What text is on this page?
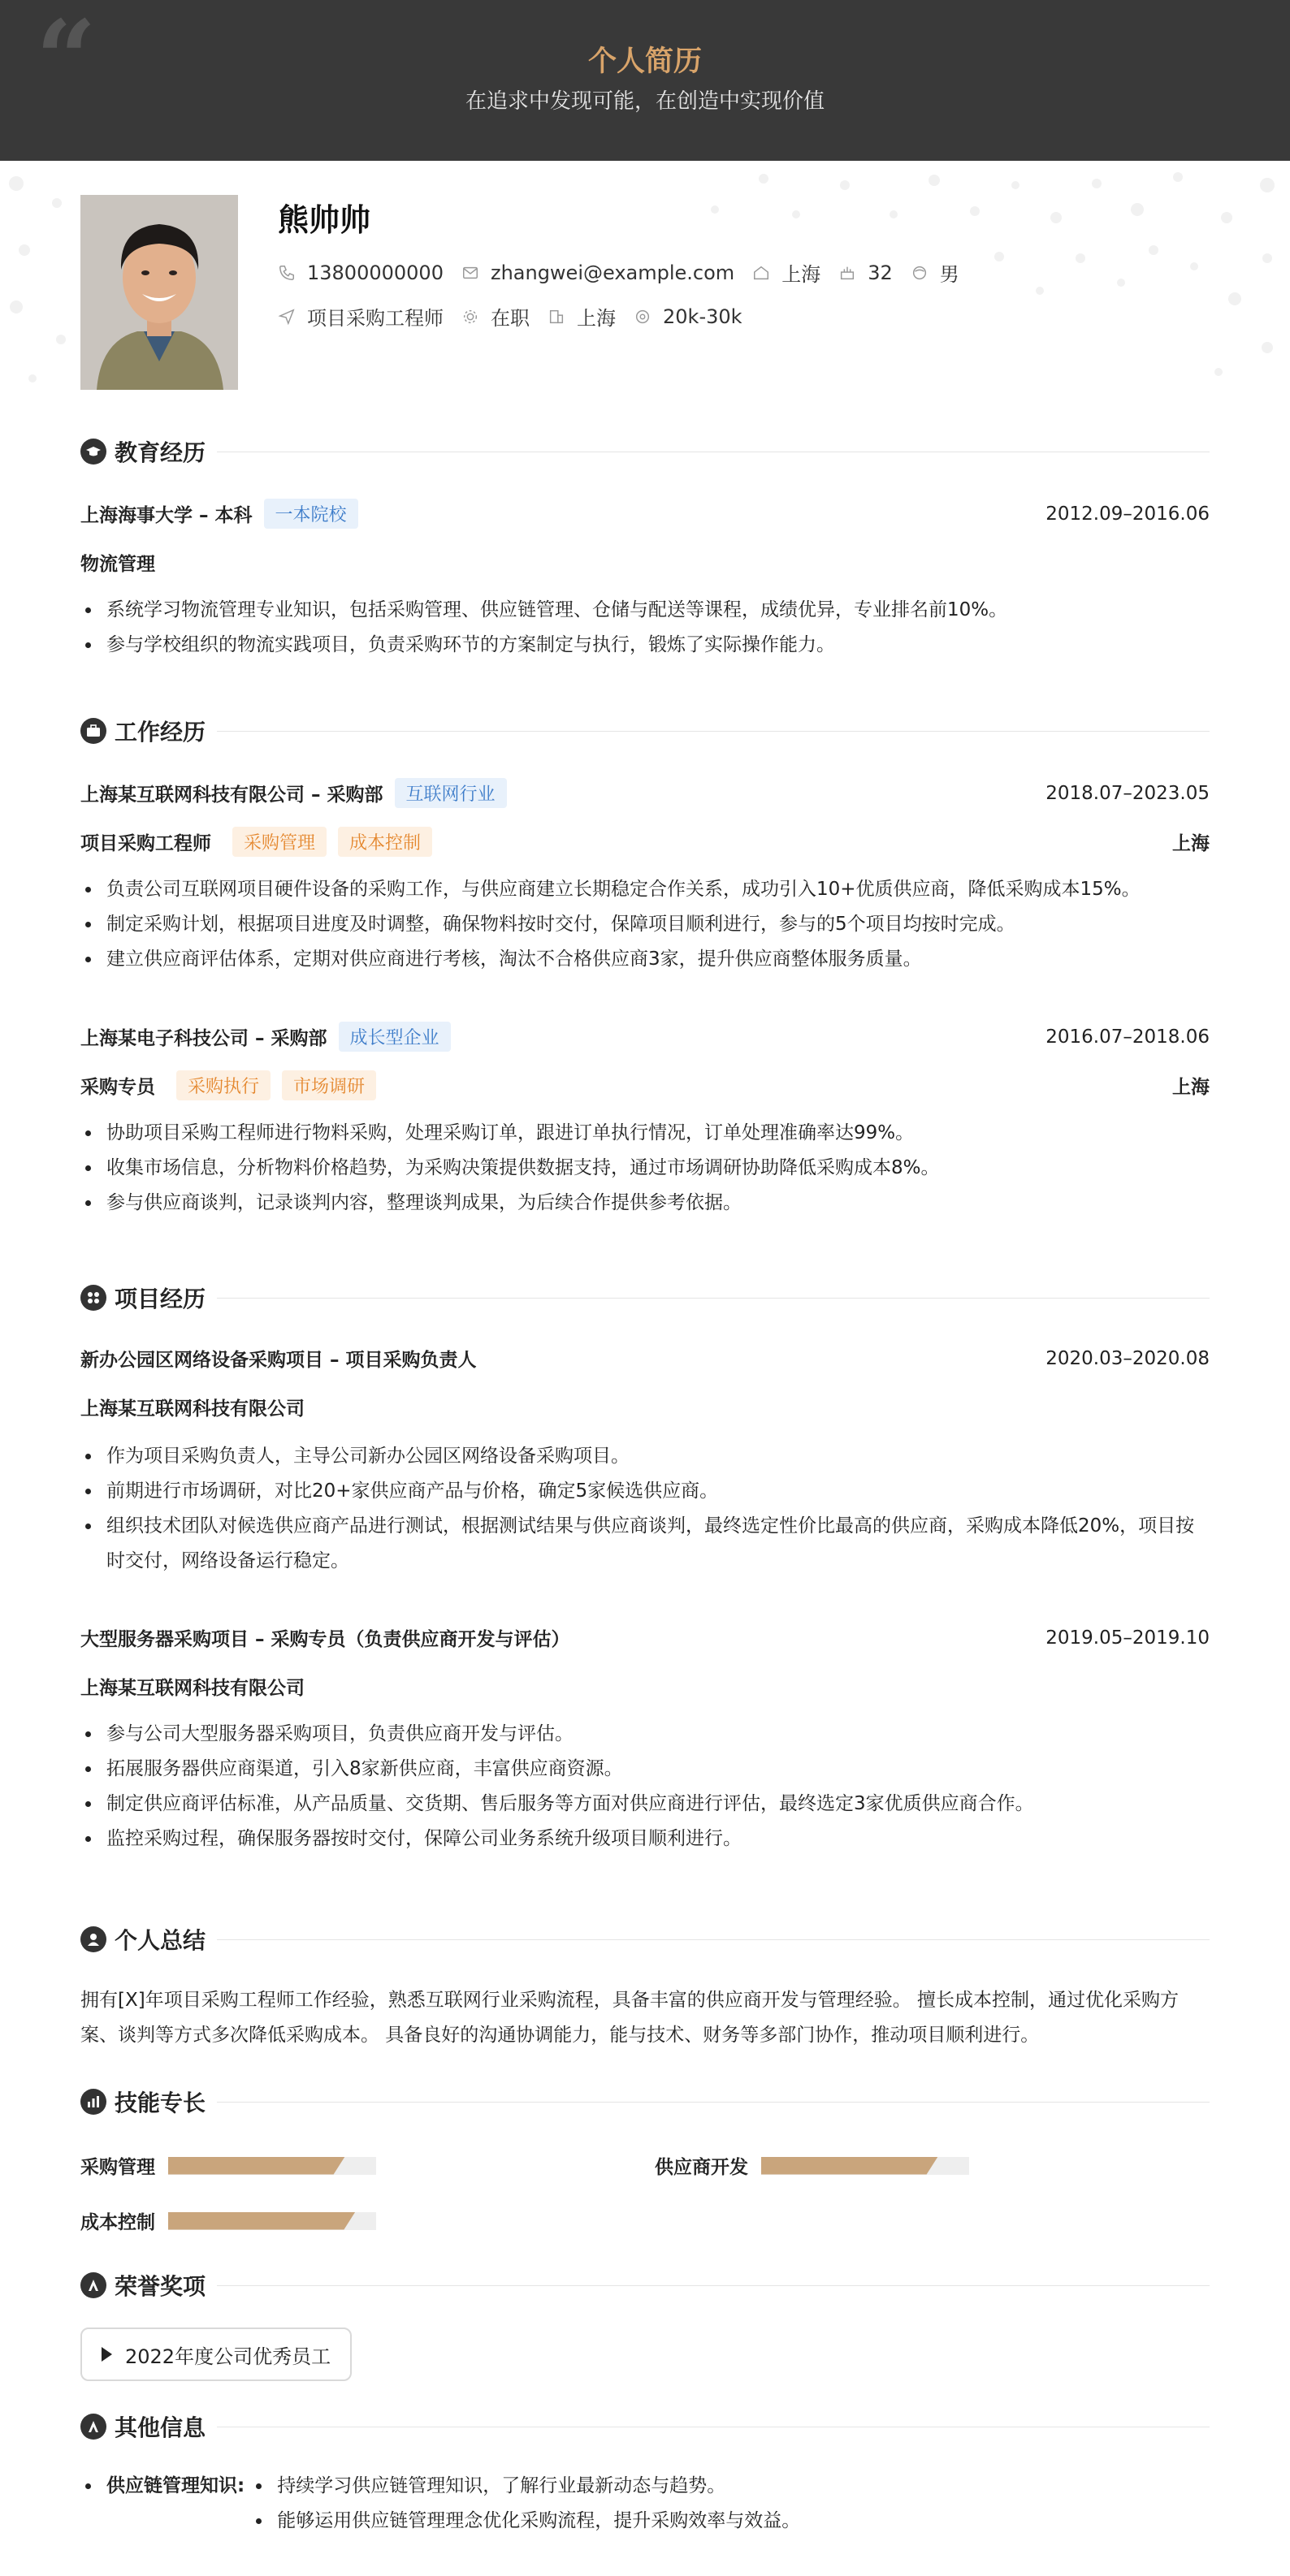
“	个人简历
在追求中发现可能，在创造中实现价值
熊帅帅
13800000000 zhangwei@example.com 上海 32 男
项目采购工程师 在职 上海 20k-30k
教育经历
上海海事大学 – 本科	一本院校	2012.09–2016.06
物流管理
系统学习物流管理专业知识，包括采购管理、供应链管理、仓储与配送等课程，成绩优异，专业排名前10%。
参与学校组织的物流实践项目，负责采购环节的方案制定与执行，锻炼了实际操作能力。
工作经历
上海某互联网科技有限公司 – 采购部	互联网行业	2018.07–2023.05
项目采购工程师	采购管理	成本控制	上海
负责公司互联网项目硬件设备的采购工作，与供应商建立长期稳定合作关系，成功引入10+优质供应商，降低采购成本15%。
制定采购计划，根据项目进度及时调整，确保物料按时交付，保障项目顺利进行，参与的5个项目均按时完成。
建立供应商评估体系，定期对供应商进行考核，淘汰不合格供应商3家，提升供应商整体服务质量。
上海某电子科技公司 – 采购部	成长型企业	2016.07–2018.06
采购专员	采购执行	市场调研	上海
协助项目采购工程师进行物料采购，处理采购订单，跟进订单执行情况，订单处理准确率达99%。
收集市场信息，分析物料价格趋势，为采购决策提供数据支持，通过市场调研协助降低采购成本8%。
参与供应商谈判，记录谈判内容，整理谈判成果，为后续合作提供参考依据。
项目经历
新办公园区网络设备采购项目 – 项目采购负责人	2020.03–2020.08
上海某互联网科技有限公司
作为项目采购负责人，主导公司新办公园区网络设备采购项目。
前期进行市场调研，对比20+家供应商产品与价格，确定5家候选供应商。
组织技术团队对候选供应商产品进行测试，根据测试结果与供应商谈判，最终选定性价比最高的供应商，采购成本降低20%，项目按时交付，网络设备运行稳定。
大型服务器采购项目 – 采购专员（负责供应商开发与评估）	2019.05–2019.10
上海某互联网科技有限公司
参与公司大型服务器采购项目，负责供应商开发与评估。
拓展服务器供应商渠道，引入8家新供应商，丰富供应商资源。
制定供应商评估标准，从产品质量、交货期、售后服务等方面对供应商进行评估，最终选定3家优质供应商合作。
监控采购过程，确保服务器按时交付，保障公司业务系统升级项目顺利进行。
个人总结
拥有[X]年项目采购工程师工作经验，熟悉互联网行业采购流程，具备丰富的供应商开发与管理经验。 擅长成本控制，通过优化采购方案、谈判等方式多次降低采购成本。 具备良好的沟通协调能力，能与技术、财务等多部门协作，推动项目顺利进行。
技能专长
采购管理	供应商开发
成本控制
荣誉奖项
2022年度公司优秀员工
其他信息
供应链管理知识:	持续学习供应链管理知识，了解行业最新动态与趋势。
能够运用供应链管理理念优化采购流程，提升采购效率与效益。
